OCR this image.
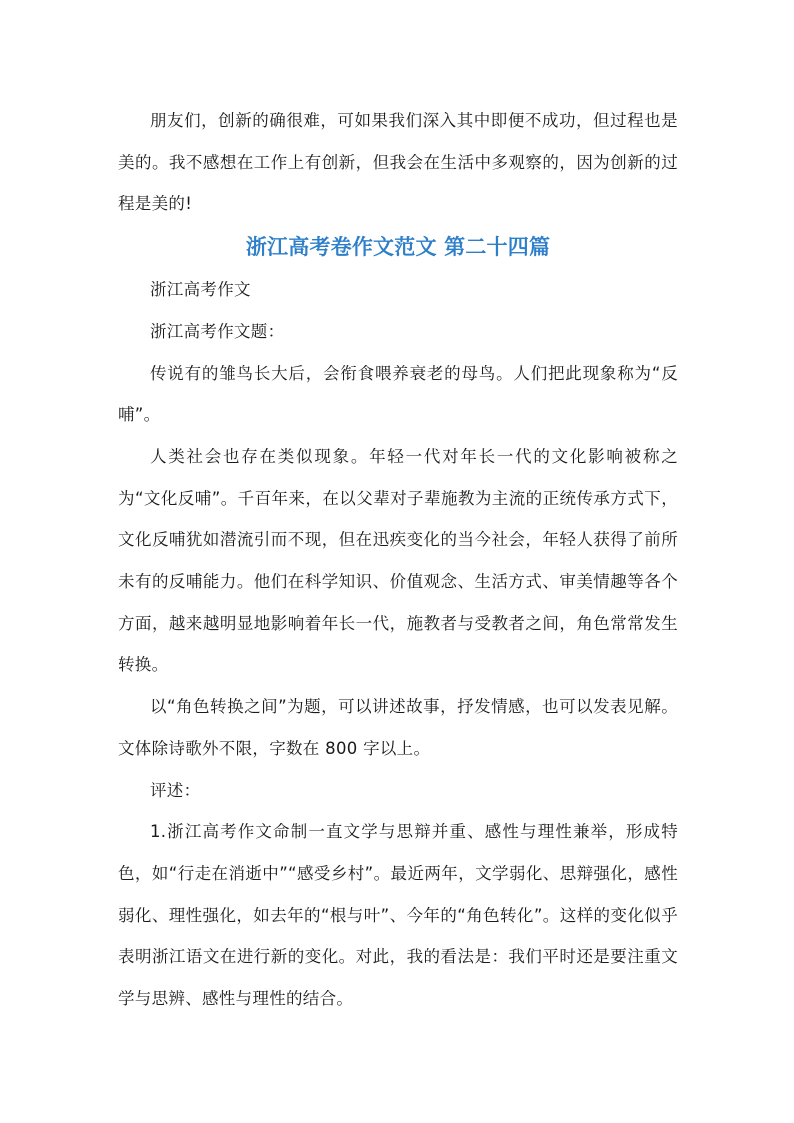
朋友们，创新的确很难，可如果我们深入其中即便不成功，但过程也是美的。我不感想在工作上有创新，但我会在生活中多观察的，因为创新的过程是美的!

浙江高考卷作文范文 第二十四篇

浙江高考作文

浙江高考作文题：

传说有的雏鸟长大后，会衔食喂养衰老的母鸟。人们把此现象称为“反哺”。

人类社会也存在类似现象。年轻一代对年长一代的文化影响被称之为“文化反哺”。千百年来，在以父辈对子辈施教为主流的正统传承方式下，文化反哺犹如潜流引而不现，但在迅疾变化的当今社会，年轻人获得了前所未有的反哺能力。他们在科学知识、价值观念、生活方式、审美情趣等各个方面，越来越明显地影响着年长一代，施教者与受教者之间，角色常常发生转换。

以“角色转换之间”为题，可以讲述故事，抒发情感，也可以发表见解。文体除诗歌外不限，字数在 800 字以上。

评述：

1.浙江高考作文命制一直文学与思辩并重、感性与理性兼举，形成特色，如“行走在消逝中”“感受乡村”。最近两年，文学弱化、思辩强化，感性弱化、理性强化，如去年的“根与叶”、今年的“角色转化”。这样的变化似乎表明浙江语文在进行新的变化。对此，我的看法是：我们平时还是要注重文学与思辨、感性与理性的结合。
